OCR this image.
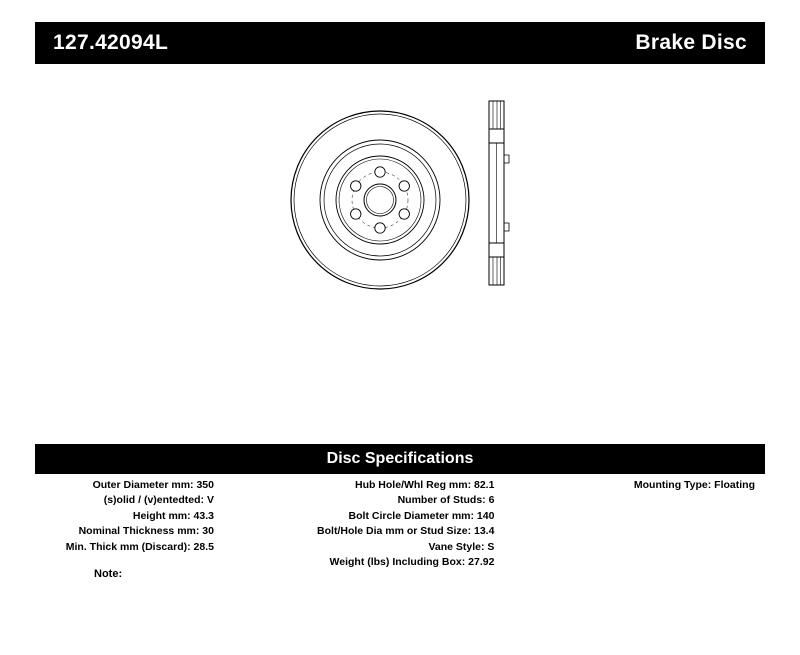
127.42094L	Brake Disc
Disc Specifications
Outer Diameter mm: 350
(s)olid / (v)entedted: V
Height mm: 43.3
Nominal Thickness mm: 30
Min. Thick mm (Discard): 28.5
Hub Hole/Whl Reg mm: 82.1
Number of Studs: 6
Bolt Circle Diameter mm: 140
Bolt/Hole Dia mm or Stud Size: 13.4
Vane Style: S
Weight (lbs) Including Box: 27.92
Mounting Type: Floating
Note:
